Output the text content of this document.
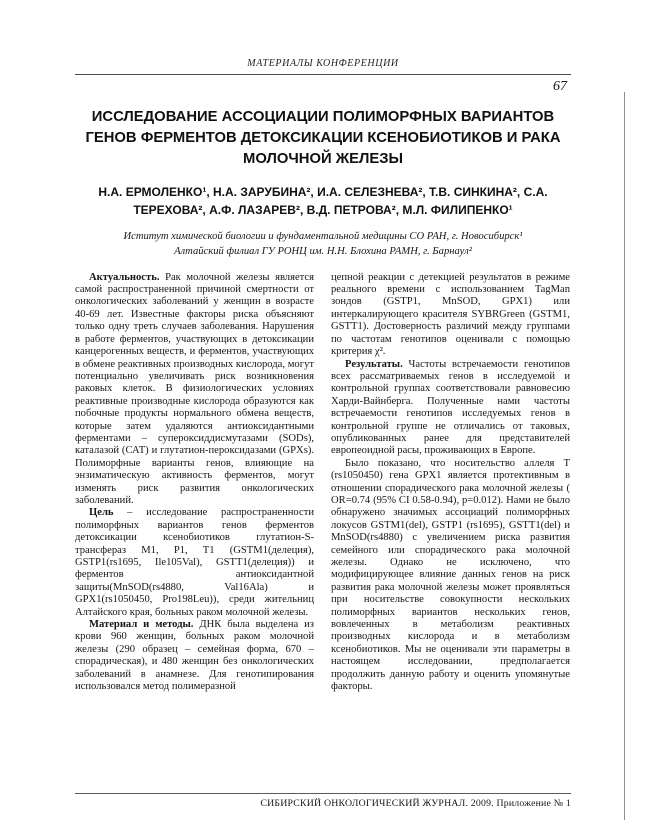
МАТЕРИАЛЫ КОНФЕРЕНЦИИ
67
ИССЛЕДОВАНИЕ АССОЦИАЦИИ ПОЛИМОРФНЫХ ВАРИАНТОВ ГЕНОВ ФЕРМЕНТОВ ДЕТОКСИКАЦИИ КСЕНОБИОТИКОВ И РАКА МОЛОЧНОЙ ЖЕЛЕЗЫ
Н.А. ЕРМОЛЕНКО¹, Н.А. ЗАРУБИНА², И.А. СЕЛЕЗНЕВА², Т.В. СИНКИНА², С.А. ТЕРЕХОВА², А.Ф. ЛАЗАРЕВ², В.Д. ПЕТРОВА², М.Л. ФИЛИПЕНКО¹
Иститут химической биологии и фундаментальной медицины СО РАН, г. Новосибирск¹
Алтайский филиал ГУ РОНЦ им. Н.Н. Блохина РАМН, г. Барнаул²

Актуальность. Рак молочной железы является самой распространенной причиной смертности от онкологических заболеваний у женщин в возрасте 40-69 лет. Известные факторы риска объясняют только одну треть случаев заболевания. Нарушения в работе ферментов, участвующих в детоксикации канцерогенных веществ, и ферментов, участвующих в обмене реактивных производных кислорода, могут потенциально увеличивать риск возникновения раковых клеток. В физиологических условиях реактивные производные кислорода образуются как побочные продукты нормального обмена веществ, которые затем удаляются антиоксидантными ферментами – супероксиддисмутазами (SODs), каталазой (САТ) и глутатион-пероксидазами (GPXs). Полиморфные варианты генов, влияющие на энзиматическую активность ферментов, могут изменять риск развития онкологических заболеваний.

Цель – исследование распространенности полиморфных вариантов генов ферментов детоксикации ксенобиотиков глутатион-S-трансфераз M1, P1, T1 (GSTM1(делеция), GSTP1(rs1695, Ile105Val), GSTT1(делеция)) и ферментов антиоксидантной защиты(MnSOD(rs4880, Val16Ala) и GPX1(rs1050450, Pro198Leu)), среди жительниц Алтайского края, больных раком молочной железы.

Материал и методы. ДНК была выделена из крови 960 женщин, больных раком молочной железы (290 образец – семейная форма, 670 – спорадическая), и 480 женщин без онкологических заболеваний в анамнезе. Для генотипирования использовался метод полимеразной

цепной реакции с детекцией результатов в режиме реального времени с использованием TagMan зондов (GSTP1, MnSOD, GPX1) или интеркалирующего красителя SYBRGreen (GSTM1, GSTT1). Достоверность различий между группами по частотам генотипов оценивали с помощью критерия χ².

Результаты. Частоты встречаемости генотипов всех рассматриваемых генов в исследуемой и контрольной группах соответствовали равновесию Харди-Вайнберга. Полученные нами частоты встречаемости генотипов исследуемых генов в контрольной группе не отличались от таковых, опубликованных ранее для представителей европеоидной расы, проживающих в Европе.

Было показано, что носительство аллеля Т (rs1050450) гена GPX1 является протективным в отношении спорадического рака молочной железы ( OR=0.74 (95% CI 0.58-0.94), p=0.012). Нами не было обнаружено значимых ассоциаций полиморфных локусов GSTM1(del), GSTP1 (rs1695), GSTT1(del) и MnSOD(rs4880) с увеличением риска развития семейного или спорадического рака молочной железы. Однако не исключено, что модифицирующее влияние данных генов на риск развития рака молочной железы может проявляться при носительстве совокупности нескольких полиморфных вариантов нескольких генов, вовлеченных в метаболизм реактивных производных кислорода и в метаболизм ксенобиотиков. Мы не оценивали эти параметры в настоящем исследовании, предполагается продолжить данную работу и оценить упомянутые факторы.

СИБИРСКИЙ ОНКОЛОГИЧЕСКИЙ ЖУРНАЛ. 2009. Приложение № 1
